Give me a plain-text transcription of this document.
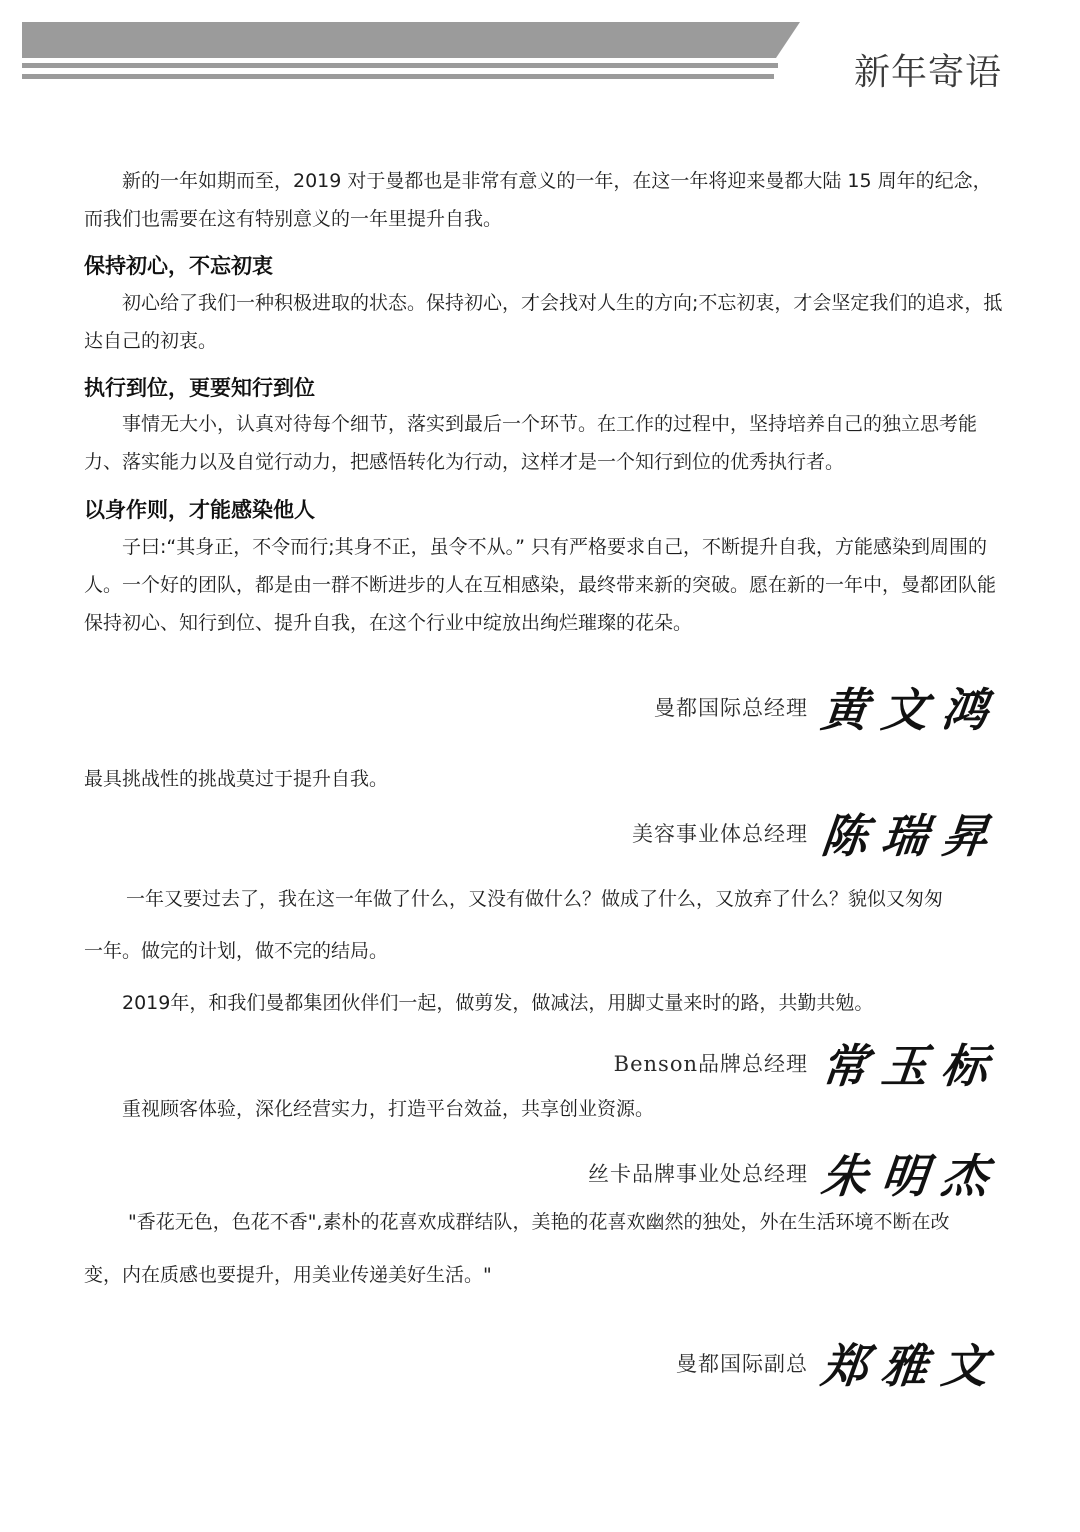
新年寄语

新的一年如期而至，2019 对于曼都也是非常有意义的一年，在这一年将迎来曼都大陆 15 周年的纪念，而我们也需要在这有特别意义的一年里提升自我。

保持初心，不忘初衷

初心给了我们一种积极进取的状态。保持初心，才会找对人生的方向;不忘初衷，才会坚定我们的追求，抵达自己的初衷。

执行到位，更要知行到位

事情无大小，认真对待每个细节，落实到最后一个环节。在工作的过程中，坚持培养自己的独立思考能力、落实能力以及自觉行动力，把感悟转化为行动，这样才是一个知行到位的优秀执行者。

以身作则，才能感染他人

子曰:“其身正，不令而行;其身不正，虽令不从。” 只有严格要求自己，不断提升自我，方能感染到周围的人。 一个好的团队，都是由一群不断进步的人在互相感染，最终带来新的突破。愿在新的一年中，曼都团队能保持初心、知行到位、提升自我，在这个行业中绽放出绚烂璀璨的花朵。

曼都国际总经理 黄文鸿

最具挑战性的挑战莫过于提升自我。

美容事业体总经理 陈瑞昇

一年又要过去了，我在这一年做了什么，又没有做什么？做成了什么，又放弃了什么？貌似又匆匆

一年。做完的计划，做不完的结局。

2019年，和我们曼都集团伙伴们一起，做剪发，做减法，用脚丈量来时的路，共勤共勉。

Benson品牌总经理 常玉标

重视顾客体验，深化经营实力，打造平台效益，共享创业资源。

丝卡品牌事业处总经理 朱明杰

"香花无色，色花不香",素朴的花喜欢成群结队，美艳的花喜欢幽然的独处，外在生活环境不断在改

变，内在质感也要提升，用美业传递美好生活。"

曼都国际副总 郑雅文
